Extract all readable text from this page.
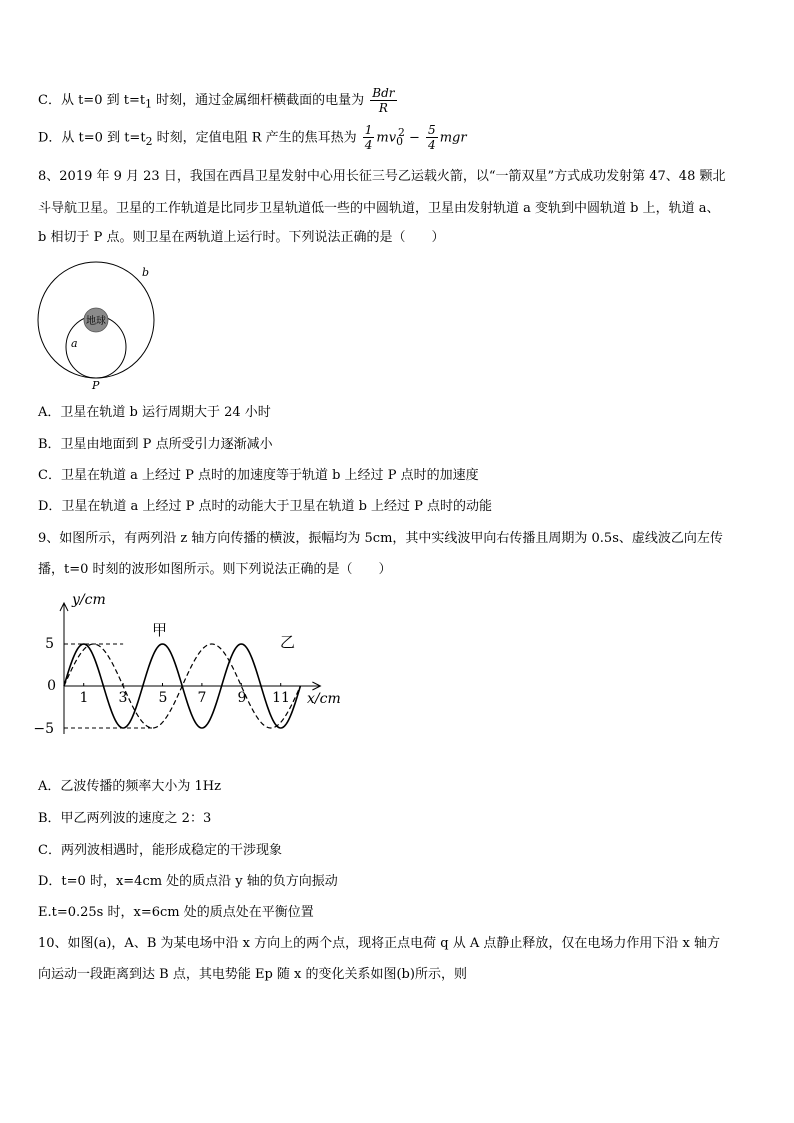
C．从 t=0 到 $t=t_1$ 时刻，通过金属细杆横截面的电量为 $\frac{\text{Bdr}}{R}$
D．从 t=0 到 $t=t_2$ 时刻，定值电阻 R 产生的焦耳热为 $\frac{1}{4} mv_0^2 - \frac{5}{4}$ mgr
8、2019 年 9 月 23 日，我国在西昌卫星发射中心用长征三号乙运载火箭，以“一箭双星”方式成功发射第 47、48 颗北
斗导航卫星。卫星的工作轨道是比同步卫星轨道低一些的中圆轨道，卫星由发射轨道 a 变轨到中圆轨道 b 上，轨道 a、
b 相切于 P 点。则卫星在两轨道上运行时。下列说法正确的是（　　）
地球
b
a
P
A．卫星在轨道 b 运行周期大于 24 小时
B．卫星由地面到 P 点所受引力逐渐减小
C．卫星在轨道 a 上经过 P 点时的加速度等于轨道 b 上经过 P 点时的加速度
D．卫星在轨道 a 上经过 P 点时的动能大于卫星在轨道 b 上经过 P 点时的动能
9、如图所示，有两列沿 z 轴方向传播的横波，振幅均为 5cm，其中实线波甲向右传播且周期为 0.5s、虚线波乙向左传
播，t=0 时刻的波形如图所示。则下列说法正确的是（　　）
y/cm
x/cm
甲
乙
5
0
−5
1 3 5 7 9 11
A．乙波传播的频率大小为 1Hz
B．甲乙两列波的速度之 2：3
C．两列波相遇时，能形成稳定的干涉现象
D．t=0 时，x=4cm 处的质点沿 y 轴的负方向振动
E.t=0.25s 时，x=6cm 处的质点处在平衡位置
10、如图(a)，A、B 为某电场中沿 x 方向上的两个点，现将正点电荷 q 从 A 点静止释放，仅在电场力作用下沿 x 轴方
向运动一段距离到达 B 点，其电势能 Ep 随 x 的变化关系如图(b)所示，则
